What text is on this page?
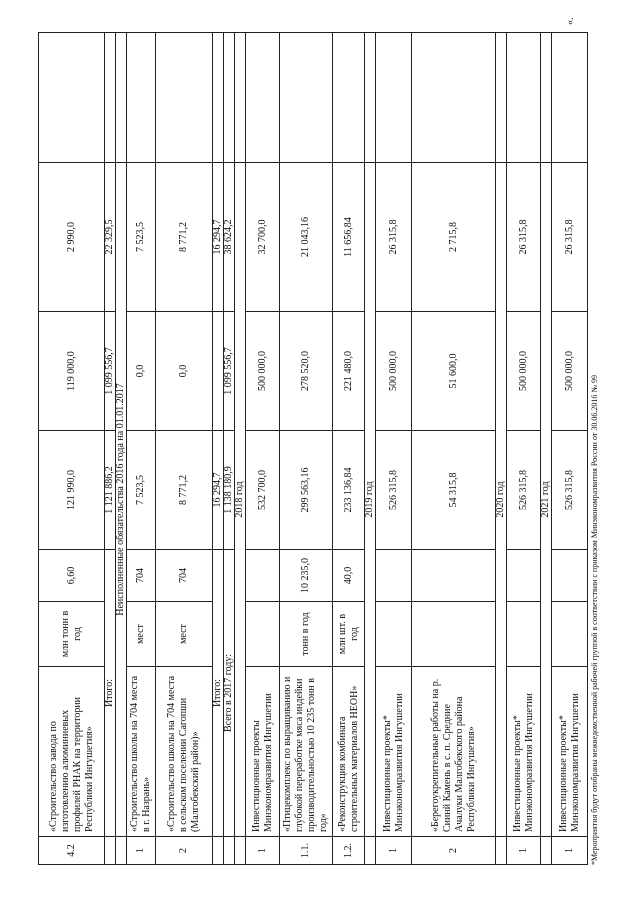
4.2	«Строительство завода по изготовлению алюминиевых профилей РНАК на территории Республики Ингушетия»	млн тонн в год	6,60	121 990,0	119 000,0	2 990,0	
	Итого:			1 121 886,2	1 099 556,7	22 329,5	
	Неисполненные обязательства 2016 года на 01.01.2017						
1	«Строительство школы на 704 места в г. Назрань»	мест	704	7 523,5	0,0	7 523,5	
2	«Строительство школы на 704 места в сельском поселении Сагопши (Малгобекский район)»	мест	704	8 771,2	0,0	8 771,2	
	Итого:			16 294,7		16 294,7	
	Всего в 2017 году:			1 138 180,9	1 099 556,7	38 624,2	
	2018 год						
1	Инвестиционные проекты Минэкономразвития Ингушетии			532 700,0	500 000,0	32 700,0	
1.1.	«Птицекомплекс по выращиванию и глубокой переработке мяса индейки производительностью 10 235 тонн в год»	тонн в год	10 235,0	299 563,16	278 520,0	21 043,16	
1.2.	«Реконструкция комбината строительных материалов НЕОН»	млн шт. в год	40,0	233 136,84	221 480,0	11 656,84	
	2019 год						
1	Инвестиционные проекты* Минэкономразвития Ингушетии			526 315,8	500 000,0	26 315,8	
2	«Берегоукрепительные работы на р. Сиинй Камень в с. п. Средние Ачалуки Малгобекского района Республики Ингушетия»			54 315,8	51 600,0	2 715,8	
	2020 год						
1	Инвестиционные проекты* Минэкономразвития Ингушетии			526 315,8	500 000,0	26 315,8	
	2021 год						
1	Инвестиционные проекты* Минэкономразвития Ингушетии			526 315,8	500 000,0	26 315,8	
*Мероприятия будут отобраны межведомственной рабочей группой в соответствии с приказом Минэкономразвития России от 30.06.2016 № 99
«.
